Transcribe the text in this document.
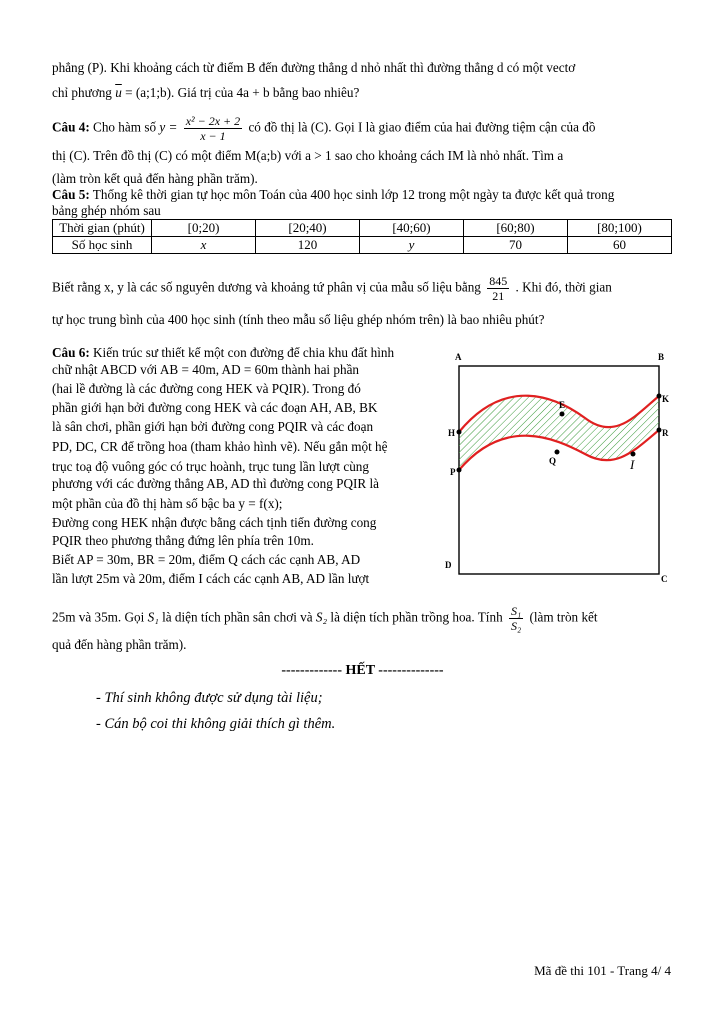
phẳng (P). Khi khoảng cách từ điểm B đến đường thẳng d nhỏ nhất thì đường thẳng d có một vectơ
chỉ phương $\overline{u}$ = (a;1;b). Giá trị của 4a + b bằng bao nhiêu?
Câu 4: Cho hàm số $y = \frac{\text{x² − 2x + 2}}{x - 1}$ có đồ thị là (C). Gọi I là giao điểm của hai đường tiệm cận của đồ
thị (C). Trên đồ thị (C) có một điểm M(a;b) với a > 1 sao cho khoảng cách IM là nhỏ nhất. Tìm a
(làm tròn kết quả đến hàng phần trăm).
Câu 5: Thống kê thời gian tự học môn Toán của 400 học sinh lớp 12 trong một ngày ta được kết quả trong
bảng ghép nhóm sau
Thời gian (phút)	[0;20)	[20;40)	[40;60)	[60;80)	[80;100)
Số học sinh	x	120	y	70	60
Biết rằng x, y là các số nguyên dương và khoảng tứ phân vị của mẫu số liệu bằng $\frac{845}{21}$ . Khi đó, thời gian
tự học trung bình của 400 học sinh (tính theo mẫu số liệu ghép nhóm trên) là bao nhiêu phút?
Câu 6: Kiến trúc sư thiết kế một con đường để chia khu đất hình
chữ nhật ABCD với AB = 40m, AD = 60m thành hai phần
(hai lề đường là các đường cong HEK và PQIR). Trong đó
phần giới hạn bởi đường cong HEK và các đoạn AH, AB, BK
là sân chơi, phần giới hạn bởi đường cong PQIR và các đoạn
PD, DC, CR để trồng hoa (tham khảo hình vẽ). Nếu gắn một hệ
trục toạ độ vuông góc có trục hoành, trục tung lần lượt cùng
phương với các đường thẳng AB, AD thì đường cong PQIR là
một phần của đồ thị hàm số bậc ba y = f(x);
Đường cong HEK nhận được bằng cách tịnh tiến đường cong
PQIR theo phương thẳng đứng lên phía trên 10m.
Biết AP = 30m, BR = 20m, điểm Q cách các cạnh AB, AD
lần lượt 25m và 20m, điểm I cách các cạnh AB, AD lần lượt
25m và 35m. Gọi S₁ là diện tích phần sân chơi và S₂ là diện tích phần trồng hoa. Tính $\frac{\text{S₁}}{\text{S₂}}$ (làm tròn kết
quả đến hàng phần trăm).
A	B
C
D
H
E
K
P
Q
R
I
------------- HẾT --------------
- Thí sinh không được sử dụng tài liệu;
- Cán bộ coi thi không giải thích gì thêm.
Mã đề thi 101 - Trang 4/ 4
